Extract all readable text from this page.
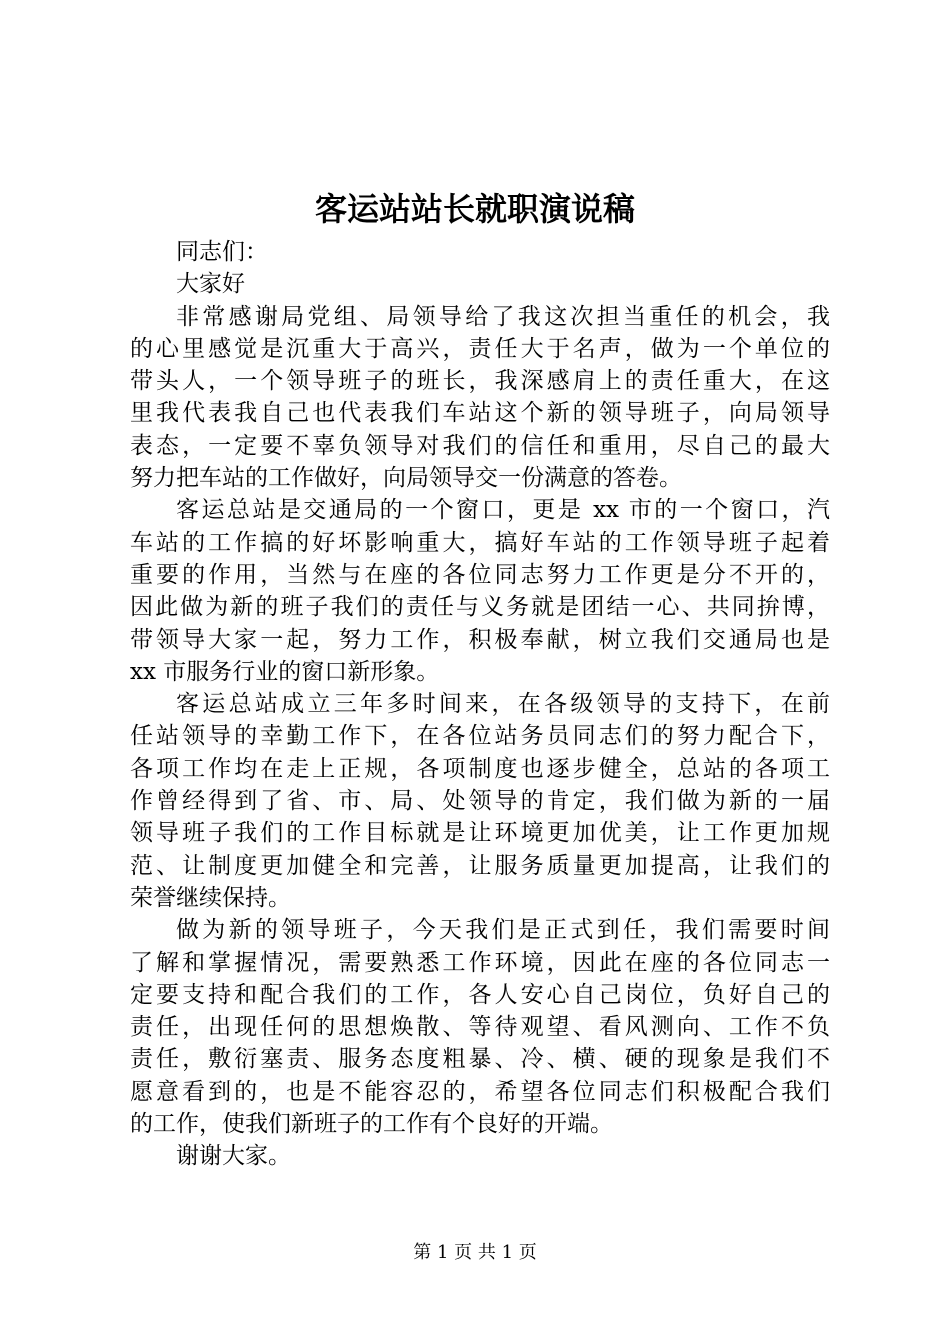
客运站站长就职演说稿
同志们：
大家好
非常感谢局党组、局领导给了我这次担当重任的机会，我
的心里感觉是沉重大于高兴，责任大于名声，做为一个单位的
带头人，一个领导班子的班长，我深感肩上的责任重大，在这
里我代表我自己也代表我们车站这个新的领导班子，向局领导
表态，一定要不辜负领导对我们的信任和重用，尽自己的最大
努力把车站的工作做好，向局领导交一份满意的答卷。
客运总站是交通局的一个窗口，更是 xx 市的一个窗口，汽
车站的工作搞的好坏影响重大，搞好车站的工作领导班子起着
重要的作用，当然与在座的各位同志努力工作更是分不开的，
因此做为新的班子我们的责任与义务就是团结一心、共同拚博，
带领导大家一起，努力工作，积极奉献，树立我们交通局也是
xx 市服务行业的窗口新形象。
客运总站成立三年多时间来，在各级领导的支持下，在前
任站领导的幸勤工作下，在各位站务员同志们的努力配合下，
各项工作均在走上正规，各项制度也逐步健全，总站的各项工
作曾经得到了省、市、局、处领导的肯定，我们做为新的一届
领导班子我们的工作目标就是让环境更加优美，让工作更加规
范、让制度更加健全和完善，让服务质量更加提高，让我们的
荣誉继续保持。
做为新的领导班子，今天我们是正式到任，我们需要时间
了解和掌握情况，需要熟悉工作环境，因此在座的各位同志一
定要支持和配合我们的工作，各人安心自己岗位，负好自己的
责任，出现任何的思想焕散、等待观望、看风测向、工作不负
责任，敷衍塞责、服务态度粗暴、冷、横、硬的现象是我们不
愿意看到的，也是不能容忍的，希望各位同志们积极配合我们
的工作，使我们新班子的工作有个良好的开端。
谢谢大家。
第 1 页 共 1 页
